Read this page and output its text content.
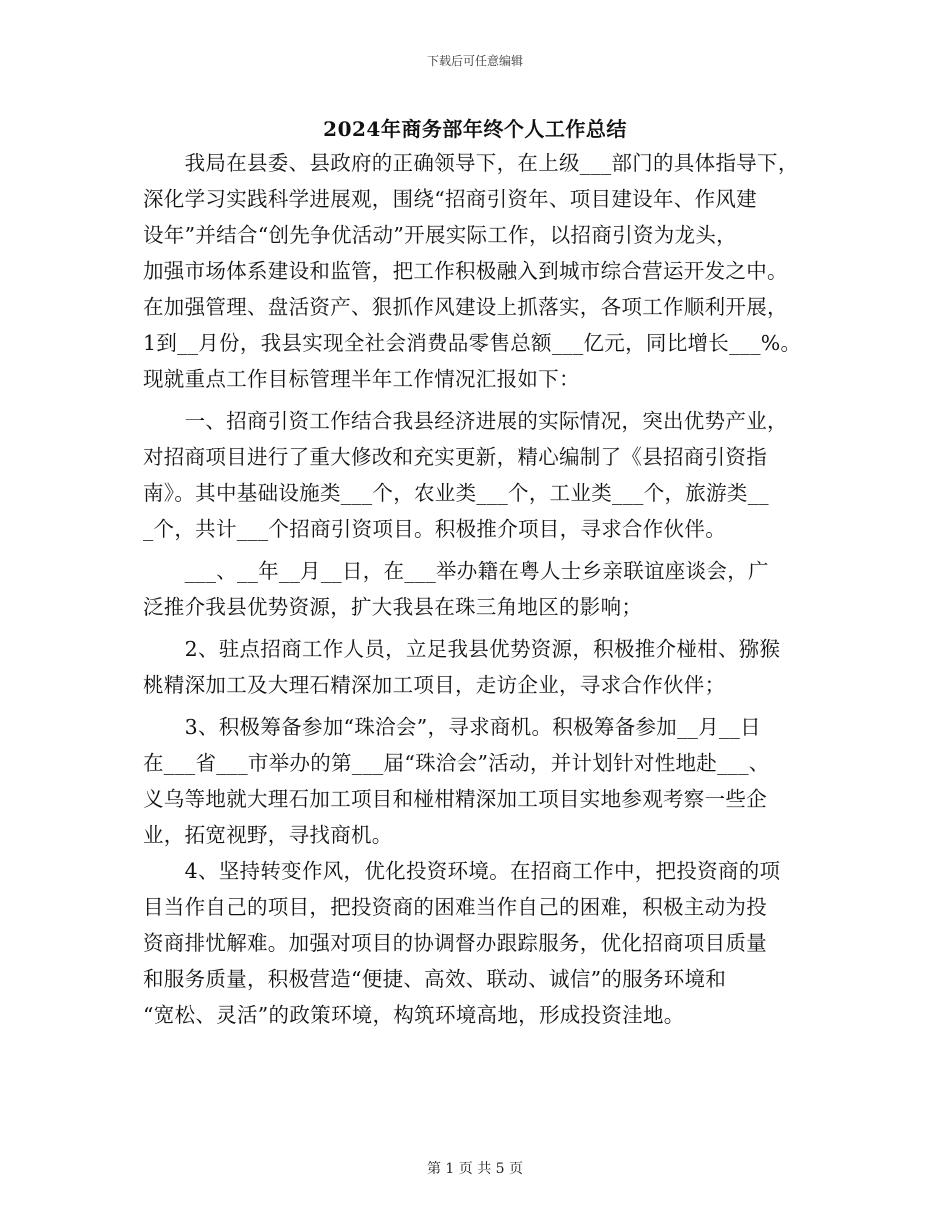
下载后可任意编辑
2024年商务部年终个人工作总结
　　我局在县委、县政府的正确领导下，在上级___部门的具体指导下，
深化学习实践科学进展观，围绕“招商引资年、项目建设年、作风建
设年”并结合“创先争优活动”开展实际工作，以招商引资为龙头，
加强市场体系建设和监管，把工作积极融入到城市综合营运开发之中。
在加强管理、盘活资产、狠抓作风建设上抓落实，各项工作顺利开展，
1到__月份，我县实现全社会消费品零售总额___亿元，同比增长___%。
现就重点工作目标管理半年工作情况汇报如下：
　　一、招商引资工作结合我县经济进展的实际情况，突出优势产业，
对招商项目进行了重大修改和充实更新，精心编制了《县招商引资指
南》。其中基础设施类___个，农业类___个，工业类___个，旅游类__
_个，共计___个招商引资项目。积极推介项目，寻求合作伙伴。
　　___、__年__月__日，在___举办籍在粤人士乡亲联谊座谈会，广
泛推介我县优势资源，扩大我县在珠三角地区的影响；
　　2、驻点招商工作人员，立足我县优势资源，积极推介椪柑、猕猴
桃精深加工及大理石精深加工项目，走访企业，寻求合作伙伴；
　　3、积极筹备参加“珠洽会”，寻求商机。积极筹备参加__月__日
在___省___市举办的第___届“珠洽会”活动，并计划针对性地赴___、
义乌等地就大理石加工项目和椪柑精深加工项目实地参观考察一些企
业，拓宽视野，寻找商机。
　　4、坚持转变作风，优化投资环境。在招商工作中，把投资商的项
目当作自己的项目，把投资商的困难当作自己的困难，积极主动为投
资商排忧解难。加强对项目的协调督办跟踪服务，优化招商项目质量
和服务质量，积极营造“便捷、高效、联动、诚信”的服务环境和
“宽松、灵活”的政策环境，构筑环境高地，形成投资洼地。
第 1 页 共 5 页
